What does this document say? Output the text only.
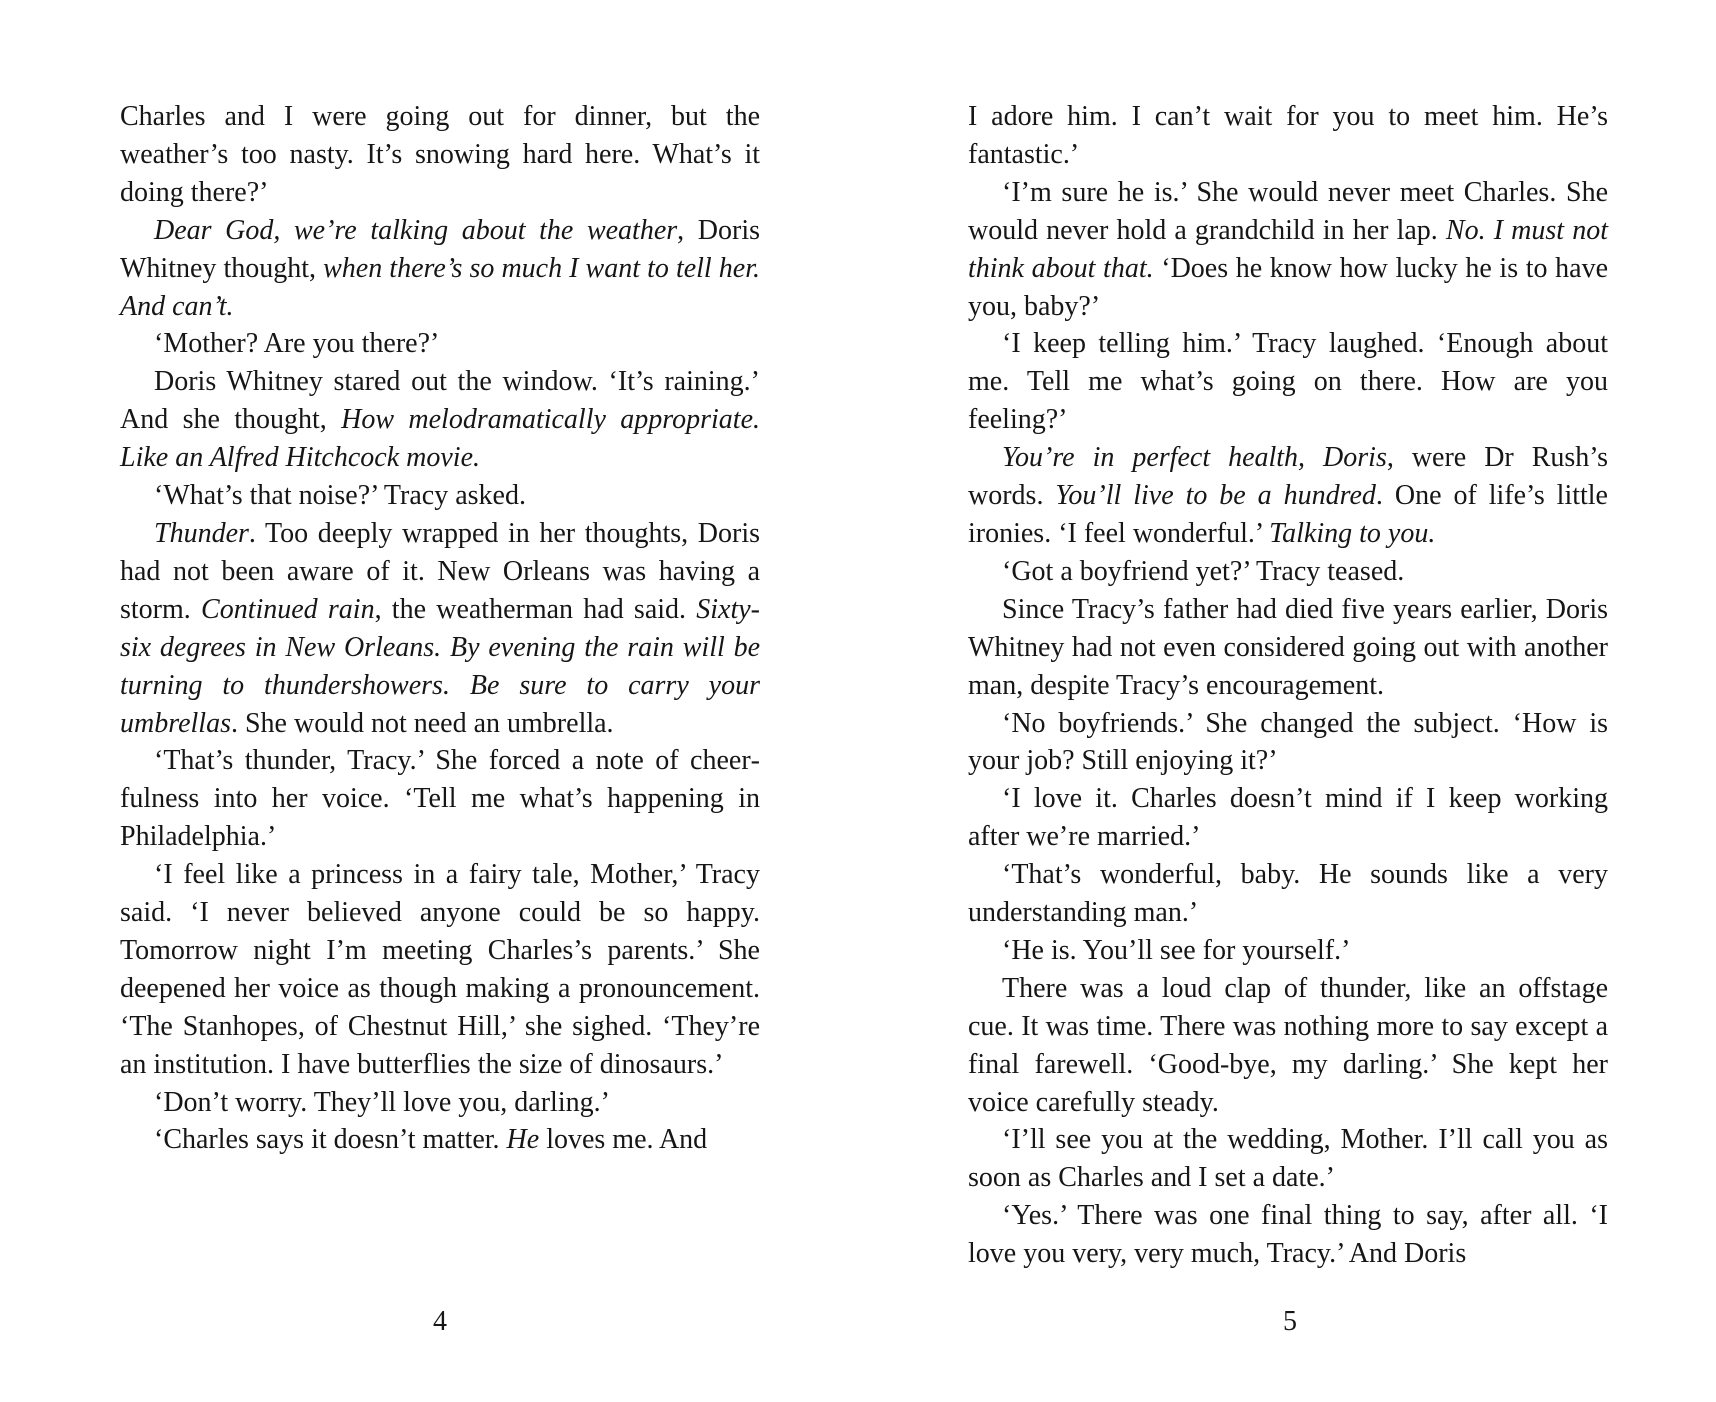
Charles and I were going out for dinner, but the weather’s too nasty. It’s snowing hard here. What’s it doing there?’

Dear God, we’re talking about the weather, Doris Whitney thought, when there’s so much I want to tell her. And can’t.

‘Mother? Are you there?’

Doris Whitney stared out the window. ‘It’s raining.’ And she thought, How melodramatically appropriate. Like an Alfred Hitchcock movie.

‘What’s that noise?’ Tracy asked.

Thunder. Too deeply wrapped in her thoughts, Doris had not been aware of it. New Orleans was having a storm. Continued rain, the weatherman had said. Sixty-six degrees in New Orleans. By evening the rain will be turning to thundershowers. Be sure to carry your umbrellas. She would not need an umbrella.

‘That’s thunder, Tracy.’ She forced a note of cheerfulness into her voice. ‘Tell me what’s happening in Philadelphia.’

‘I feel like a princess in a fairy tale, Mother,’ Tracy said. ‘I never believed anyone could be so happy. Tomorrow night I’m meeting Charles’s parents.’ She deepened her voice as though making a pronouncement. ‘The Stanhopes, of Chestnut Hill,’ she sighed. ‘They’re an institution. I have butterflies the size of dinosaurs.’

‘Don’t worry. They’ll love you, darling.’

‘Charles says it doesn’t matter. He loves me. And

4

I adore him. I can’t wait for you to meet him. He’s fantastic.’

‘I’m sure he is.’ She would never meet Charles. She would never hold a grandchild in her lap. No. I must not think about that. ‘Does he know how lucky he is to have you, baby?’

‘I keep telling him.’ Tracy laughed. ‘Enough about me. Tell me what’s going on there. How are you feeling?’

You’re in perfect health, Doris, were Dr Rush’s words. You’ll live to be a hundred. One of life’s little ironies. ‘I feel wonderful.’ Talking to you.

‘Got a boyfriend yet?’ Tracy teased.

Since Tracy’s father had died five years earlier, Doris Whitney had not even considered going out with another man, despite Tracy’s encouragement.

‘No boyfriends.’ She changed the subject. ‘How is your job? Still enjoying it?’

‘I love it. Charles doesn’t mind if I keep working after we’re married.’

‘That’s wonderful, baby. He sounds like a very understanding man.’

‘He is. You’ll see for yourself.’

There was a loud clap of thunder, like an offstage cue. It was time. There was nothing more to say except a final farewell. ‘Good-bye, my darling.’ She kept her voice carefully steady.

‘I’ll see you at the wedding, Mother. I’ll call you as soon as Charles and I set a date.’

‘Yes.’ There was one final thing to say, after all. ‘I love you very, very much, Tracy.’ And Doris

5
